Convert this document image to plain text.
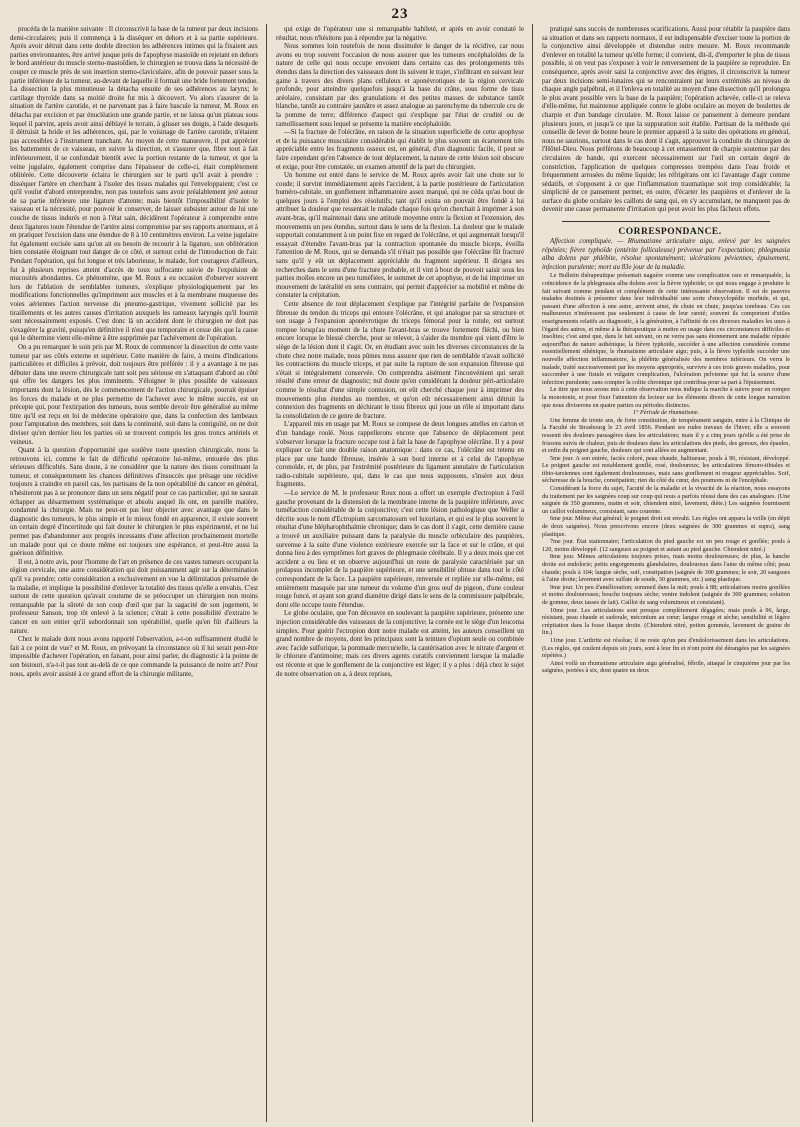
23

procéda de la manière suivante : Il circonscrivit la base de la tumeur par deux incisions demi-circulaires; puis il commença à la disséquer en dehors et à sa partie supérieure. Après avoir détruit dans cette double direction les adhérences intimes qui la fixaient aux parties environnantes, être arrivé jusque près de l'apophyse mastoïde en rejetant en dehors le bord antérieur du muscle sterno-mastoïdien, le chirurgien se trouva dans la nécessité de couper ce muscle près de son insertion sterno-claviculaire, afin de pouvoir passer sous la partie inférieure de la tumeur, au-devant de laquelle il formait une bride fortement tendue. La dissection la plus minutieuse la détacha ensuite de ses adhérences au larynx; le cartilage thyroïde dans sa moitié droite fut mis à découvert. Vu alors s'assurer de la situation de l'artère carotide, et ne parvenant pas à faire bascule la tumeur, M. Roux en détacha par excision et par énucléation une grande partie, et ne laissa qu'un plateau sous lequel il parvint, après avoir ainsi déblayé le terrain, à glisser ses doigts, à l'aide desquels il détruisit la bride et les adhérences, qui, par le voisinage de l'artère carotide, n'étaient pas accessibles à l'instrument tranchant. Au moyen de cette manœuvre, il put apprécier les battements de ce vaisseau, en suivre la direction, et s'assurer que, fibre tout à fait inférieurement, il se confondait bientôt avec la portion restante de la tumeur, et que la veine jugulaire, également comprise dans l'épaisseur de celle-ci, était complètement oblitérée. Cette découverte éclaira le chirurgien sur le parti qu'il avait à prendre : disséquer l'artère en cherchant à l'isoler des tissus malades qui l'enveloppaient; c'est ce qu'il voulut d'abord entreprendre, non pas toutefois sans avoir préalablement jeté autour de sa partie inférieure une ligature d'attente; mais bientôt l'impossibilité d'isoler le vaisseau et la nécessité, pour pouvoir le conserver, de laisser subsister autour de lui une couche de tissus indurés et non à l'état sain, décidèrent l'opérateur à comprendre entre deux ligatures toute l'étendue de l'artère ainsi compromise par ses rapports anormaux, et à en pratiquer l'excision dans une étendue de 8 à 10 centimètres environ. La veine jugulaire fut également excisée sans qu'on ait eu besoin de recourir à la ligature, son oblitération bien constatée éloignant tout danger de ce côté, et surtout celui de l'introduction de l'air. Pendant l'opération, qui fut longue et très laborieuse, le malade, fort courageux d'ailleurs, fut à plusieurs reprises atteint d'accès de toux suffocante suivie de l'expulsion de mucosités abondantes. Ce phénomène, que M. Roux a eu occasion d'observer souvent lors de l'ablation de semblables tumeurs, s'explique physiologiquement par les modifications fonctionnelles qu'impriment aux muscles et à la membrane muqueuse des voies aériennes l'action nerveuse du pneumo-gastrique, vivement sollicité par les tiraillements et les autres causes d'irritation auxquels les rameaux laryngés qu'il fournit sont nécessairement exposés. C'est donc là un accident dont le chirurgien ne doit pas s'exagérer la gravité, puisqu'en définitive il n'est que temporaire et cesse dès que la cause qui le détermine vient elle-même à être supprimée par l'achèvement de l'opération.

On a pu remarquer le soin pris par M. Roux de commencer la dissection de cette vaste tumeur par ses côtés externe et supérieur. Cette manière de faire, à moins d'indications particulières et difficiles à prévoir, doit toujours être préférée : il y a avantage à ne pas débuter dans une œuvre chirurgicale tant soit peu sérieuse en s'attaquant d'abord au côté qui offre les dangers les plus imminents. S'éloigner le plus possible de vaisseaux importants dont la lésion, dès le commencement de l'action chirurgicale, pourrait épuiser les forces du malade et ne plus permettre de l'achever avec le même succès, est un précepte qui, pour l'extirpation des tumeurs, nous semble devoir être généralisé au même titre qu'il est reçu en loi de médecine opératoire que, dans la confection des lambeaux pour l'amputation des membres, soit dans la continuité, soit dans la contiguïté, on ne doit diviser qu'en dernier lieu les parties où se trouvent compris les gros troncs artériels et veineux.

Quant à la question d'opportunité que soulève toute question chirurgicale, nous la retrouvons ici, comme le fait de difficulté opératoire lui-même, entourée des plus sérieuses difficultés. Sans doute, à ne considérer que la nature des tissus constituant la tumeur, et conséquemment les chances définitives d'insuccès que présage une récidive toujours à craindre en pareil cas, les partisans de la non opérabilité du cancer en général, n'hésiteront pas à se prononcer dans un sens négatif pour ce cas particulier, qui ne saurait échapper au désarmement systématique et absolu auquel ils ont, en pareille matière, condamné la chirurgie. Mais ne peut-on pas leur objecter avec avantage que dans le diagnostic des tumeurs, le plus simple et le mieux fondé en apparence, il existe souvent un certain degré d'incertitude qui fait douter le chirurgien le plus expérimenté, et ne lui permet pas d'abandonner aux progrès incessants d'une affection prochainement mortelle un malade pour qui ce doute même est toujours une espérance, et peut-être aussi la guérison définitive.

Il est, à notre avis, pour l'homme de l'art en présence de ces vastes tumeurs occupant la région cervicale, une autre considération qui doit puissamment agir sur la détermination qu'il va prendre; cette considération a exclusivement en vue la délimitation présumée de la maladie, et implique la possibilité d'enlever la totalité des tissus qu'elle a envahis. C'est surtout de cette question qu'avait coutume de se préoccuper un chirurgien non moins remarquable par la sûreté de son coup d'œil que par la sagacité de son jugement, le professeur Sanson, trop tôt enlevé à la science; c'était à cette possibilité d'extraire le cancer en son entier qu'il subordonnait son opérabilité, quelle qu'en fût d'ailleurs la nature.

Chez le malade dont nous avons rapporté l'observation, a-t-on suffisamment étudié le fait à ce point de vue? et M. Roux, en prévoyant la circonstance où il lui serait peut-être impossible d'achever l'opération, en faisant, pour ainsi parler, du diagnostic à la pointe de son bistouri, n'a-t-il pas tout au-delà de ce que commande la puissance de notre art? Pour nous, après avoir assisté à ce grand effort de la chirurgie militante,

qui exige de l'opérateur une si remarquable habileté, et après en avoir constaté le résultat, nous n'hésitons pas à répondre par la négative.

Nous sommes loin toutefois de nous dissimuler le danger de la récidive, car nous avons eu trop souvent l'occasion de nous assurer que les tumeurs encéphaloïdes de la nature de celle qui nous occupe envoient dans certains cas des prolongements très étendus dans la direction des vaisseaux dont ils suivent le trajet, s'infiltrant en suivant leur gaine à travers des divers plans celluleux et aponévrotiques de la région cervicale profonde, pour atteindre quelquefois jusqu'à la base du crâne, sous forme de tissu aréolaire, consistant par des granulations et des petites masses de substance tantôt blanche, tantôt au contraire jaunâtre et assez analogue au parenchyme du tubercule cru de la pomme de terre; différence d'aspect qui s'explique par l'état de crudité ou de ramollissement sous lequel se présente la matière encéphaloïde.

—Si la fracture de l'olécrâne, en raison de la situation superficielle de cette apophyse et de la puissance musculaire considérable qui établit le plus souvent un écartement très appréciable entre les fragments osseux est, en général, d'un diagnostic facile, il peut se faire cependant qu'en l'absence de tout déplacement, la nature de cette lésion soit obscure et exige, pour être constatée, un examen attentif de la part du chirurgien.

Un homme est entré dans le service de M. Roux après avoir fait une chute sur le coude; il survint immédiatement après l'accident, à la partie postérieure de l'articulation huméro-cubitale, un gonflement inflammatoire assez marqué, qui ne céda qu'au bout de quelques jours à l'emploi des résolutifs; tant qu'il exista on pouvait être fondé à lui attribuer la douleur que ressentait le malade chaque fois qu'on cherchait à imprimer à son avant-bras, qu'il maintenait dans une attitude moyenne entre la flexion et l'extension, des mouvements un peu étendus, surtout dans le sens de la flexion. La douleur que le malade supportait constamment à un point fixe en regard de l'olécrâne, et qui augmentait lorsqu'il essayait d'étendre l'avant-bras par la contraction spontanée du muscle biceps, éveilla l'attention de M. Roux, qui se demanda s'il n'était pas possible que l'olécrâne fût fracturé sans qu'il y eût un déplacement appréciable du fragment supérieur. Il dirigea ses recherches dans le sens d'une fracture probable, et il vint à bout de pouvoir saisir sous les parties molles encore un peu tuméfiées, le sommet de cet apophyse, et de lui imprimer un mouvement de latéralité en sens contraire, qui permit d'apprécier sa mobilité et même de constater la crépitation.

Cette absence de tout déplacement s'explique par l'intégrité parfaite de l'expansion fibreuse du tendon du triceps qui entoure l'olécrâne, et qui analogue par sa structure et son usage à l'expansion aponévrotique du triceps fémoral pour la rotule, est surtout rompue lorsqu'au moment de la chute l'avant-bras se trouve fortement fléchi, ou bien encore lorsque le blessé cherche, pour se relever, à s'aider du membre qui vient d'être le siège de la lésion dont il s'agit. Or, en étudiant avec soin les diverses circonstances de la chute chez notre malade, nous pûmes nous assurer que rien de semblable n'avait sollicité les contractions du muscle triceps, et par suite la rupture de son expansion fibreuse qui s'était si intégralement conservée. On comprendra aisément l'inconvénient qui serait résulté d'une erreur de diagnostic; nul doute qu'en considérant la douleur péri-articulaire comme le résultat d'une simple contusion, on eût cherché chaque jour à imprimer des mouvements plus étendus au membre, et qu'on eût nécessairement ainsi détruit la connexion des fragments en déchirant le tissu fibreux qui joue un rôle si important dans la consolidation de ce genre de fracture.

L'appareil mis en usage par M. Roux se compose de deux longues attelles en carton et d'un bandage roulé. Nous rappellerons encore que l'absence de déplacement peut s'observer lorsque la fracture occupe tout à fait la base de l'apophyse olécrâne. Il y a pour expliquer ce fait une double raison anatomique : dans ce cas, l'olécrâne est retenu en place par une bande fibreuse, insérée à son bord interne et à celui de l'apophyse coronoïde, et, de plus, par l'extrémité postérieure du ligament annulaire de l'articulation radio-cubitale supérieure, qui, dans le cas que nous supposons, s'insère aux deux fragments.

—Le service de M. le professeur Roux nous a offert un exemple d'ectropion à l'œil gauche provenant de la distension de la membrane interne de la paupière inférieure, avec tuméfaction considérable de la conjonctive; c'est cette lésion pathologique que Weller a décrite sous le nom d'Ectropium sarcomatosum vel luxurians, et qui est le plus souvent le résultat d'une blépharophthalmie chronique; dans le cas dont il s'agit, cette dernière cause a trouvé un auxiliaire puissant dans la paralysie du muscle orbiculaire des paupières, survenue à la suite d'une violence extérieure exercée sur la face et sur le crâne, et qui donna lieu à des symptômes fort graves de phlegmasie cérébrale. Il y a deux mois que cet accident a eu lieu et on observe aujourd'hui un reste de paralysie caractérisée par un prolapsus incomplet de la paupière supérieure, et une sensibilité obtuse dans tout le côté correspondant de la face. La paupière supérieure, renversée et repliée sur elle-même, est entièrement masquée par une tumeur du volume d'un gros œuf de pigeon, d'une couleur rouge foncé, et ayant son grand diamètre dirigé dans le sens de la commissure palpébrale, dont elle occupe toute l'étendue.

Le globe oculaire, que l'on découvre en soulevant la paupière supérieure, présente une injection considérable des vaisseaux de la conjonctive; la cornée est le siège d'un leucoma simplex. Pour guérir l'ectropion dont notre malade est atteint, les auteurs conseillent un grand nombre de moyens, dont les principaux sont la teinture d'opium seule ou combinée avec l'acide sulfurique, la pommade mercurielle, la cautérisation avec le nitrate d'argent et le chlorure d'antimoine; mais ces divers agents curatifs conviennent lorsque la maladie est récente et que le gonflement de la conjonctive est léger; il y a plus : déjà chez le sujet de notre observation on a, à deux reprises,

pratiqué sans succès de nombreuses scarifications. Aussi pour rétablir la paupière dans sa situation et dans ses rapports normaux, il est indispensable d'exciser toute la portion de la conjonctive ainsi développée et distendue outre mesure. M. Roux recommande d'enlever en totalité la tumeur qu'elle forme; il convient, dit-il, d'emporter le plus de tissus possible, si on veut pas s'exposer à voir le renversement de la paupière se reproduire. En conséquence, après avoir saisi la conjonctive avec des érignes, il circonscrivit la tumeur par deux incisions semi-lunaires qui se rencontraient par leurs extrémités au niveau de chaque angle palpébral, et il l'enleva en totalité au moyen d'une dissection qu'il prolongea le plus avant possible vers la base de la paupière; l'opération achevée, celle-ci se releva d'elle-même, fut maintenue appliquée contre le globe oculaire au moyen de boulettes de charpie et d'un bandage circulaire. M. Roux laisse ce pansement à demeure pendant plusieurs jours, et jusqu'à ce que la suppuration soit établie. Partisan de la méthode qui conseille de lever de bonne heure le premier appareil à la suite des opérations en général, nous ne saurions, surtout dans le cas dont il s'agit, approuver la conduite du chirurgien de l'Hôtel-Dieu. Nous préférons de beaucoup à cet entassement de charpie soutenue par des circulaires de bande, qui exercent nécessairement sur l'œil un certain degré de constriction, l'application de quelques compresses trempées dans l'eau froide et fréquemment arrosées du même liquide; les réfrigérans ont ici l'avantage d'agir comme sédatifs, et s'opposent à ce que l'inflammation traumatique soit trop considérable; la simplicité de ce pansement permet, en outre, d'écarter les paupières et d'enlever de la surface du globe oculaire les caillots de sang qui, en s'y accumulant, ne manquent pas de devenir une cause permanente d'irritation qui peut avoir les plus fâcheux effets.

CORRESPONDANCE.

Affection compliquée. — Rhumatisme articulaire aigu, enlevé par les saignées répétées; fièvre typhoïde (entérite folliculeuse) prévenue par l'expectation; phlegmasia alba dolens par phlébite, résolue spontanément; ulcérations péviennes, épuisement, infection purulente; mort au 83e jour de la maladie.

Le Bulletin thérapeutique présentait naguère comme une complication rare et remarquable, la coïncidence de la phlegmasia alba dolens avec la fièvre typhoïde; ce qui nous engage à produire le fait suivant comme pendant et complément de cette intéressante observation. Il est de pauvres malades destinés à présenter dans leur individualité une sorte d'encyclopédie morbide, et qui, passant d'une affection à une autre, arrivent ainsi, de chute en chute, jusqu'au tombeau. Ces cas malheureux n'intéressent pas seulement à cause de leur rareté; souvent ils comportent d'utiles enseignements relatifs au diagnostic, à la génération, à l'affinité de ces diverses maladies les unes à l'égard des autres, et même à la thérapeutique à mettre en usage dans ces circonstances difficiles et insolites; c'est ainsi que, dans le fait suivant, on ne verra pas sans étonnement une maladie réputée aujourd'hui de nature asthénique, la fièvre typhoïde, succéder à une affection considérée comme essentiellement sthénique, le rhumatisme articulaire aigu; puis, à la fièvre typhoïde succéder une nouvelle affection inflammatoire, la phlébite généralisée des membres inférieurs. On verra le malade, traité successivement par les moyens appropriés, survivre à ces trois graves maladies, pour succomber à une fistule et vulgaire complication, l'ulcération pelvienne qui fut la source d'une infection purulente; sans compter la colite chronique qui contribua pour sa part à l'épuisement.

Le titre que nous avons mis à cette observation nous indique la marche à suivre pour en rompre la monotonie, et pour fixer l'attention du lecteur sur les éléments divers de cette longue narration que nous diviserons en quatre parties ou périodes distinctes.

1° Période de rhumatisme.

Une femme de trente ans, de forte constitution, de tempérament sanguin, entre à la Clinique de la Faculté de Strasbourg le 23 avril 1856. Pendant ses rudes travaux de l'hiver, elle a souvent ressenti des douleurs passagères dans les articulations; mais il y a cinq jours qu'elle a été prise de frissons suivis de chaleur, puis de douleurs dans les articulations des pieds, des genoux, des épaules, et enfin du poignet gauche, douleurs qui sont allées en augmentant.

5me jour. A son entrée, faciès coloré, peau chaude, halitueuse, pouls à 96, résistant, développé. Le poignet gauche est notablement gonflé, rosé, douloureux; les articulations fémoro-tibiales et tibio-tarsiennes sont également douloureuses, mais sans gonflement ni rougeur appréciables. Soif, sécheresse de la bouche, constipation; rien du côté du cœur, des poumons ni de l'encéphale.

Considérant la force du sujet, l'acuité de la maladie et la vivacité de la réaction, nous essayons du traitement par les saignées coup sur coup qui nous a parfois réussi dans des cas analogues. (Une saignée de 350 grammes, matin et soir, chiendent nitré, lavement, diète.) Les saignées fournissent un caillot volumineux, consistant, sans couenne.

6me jour. Même état général; le poignet droit est envahi. Les règles ont apparu la veille (en dépit de deux saignées). Nous prescrivons encore (deux saignées de 300 grammes ut supra), sang plastique.

7me jour. État stationnaire; l'articulation du pied gauche est un peu rouge et gonflée; pouls à 120, moins développé. (12 sangsues au poignet et autant au pied gauche. Chiendent nitré.)

8me jour. Mêmes articulations toujours prises, mais moins douloureuses; de plus, la hanche droite est endolorie; petits engorgements glandulaires, douloureux dans l'aine du même côté; peau chaude; pouls à 104; langue sèche, soif, constipation (saignée de 300 grammes; le soir, 20 sangsues à l'aine droite; lavement avec sulfate de soude, 30 grammes, etc.) sang plastique.

9me jour. Un peu d'amélioration; sommeil dans la nuit; pouls à 88; articulations moins gonflées et moins douloureuses; bouche toujours sèche; ventre indolent (saignée de 300 grammes; solution de gomme, deux tasses de lait). Caillot de sang volumineux et consistant).

10me jour. Les articulations sont presque complètement dégagées; mais pouls à 96, large, résistant, peau chaude et sudorale, méconium au cœur; langue rouge et sèche; sensibilité et légère crépitation dans la fosse iliaque droite. (Chiendent nitré, potion gommée, lavement de graine de lin.)

11me jour. L'arthrite est résolue; il ne reste qu'un peu d'endolorissement dans les articulations. (Les règles, qui coulent depuis six jours, sont à leur fin et n'ont point été dérangées par les saignées répétées.)

Ainsi voilà un rhumatisme articulaire aigu généralisé, fébrile, attaqué le cinquième jour par les saignées, portées à six, dont quatre en deux
